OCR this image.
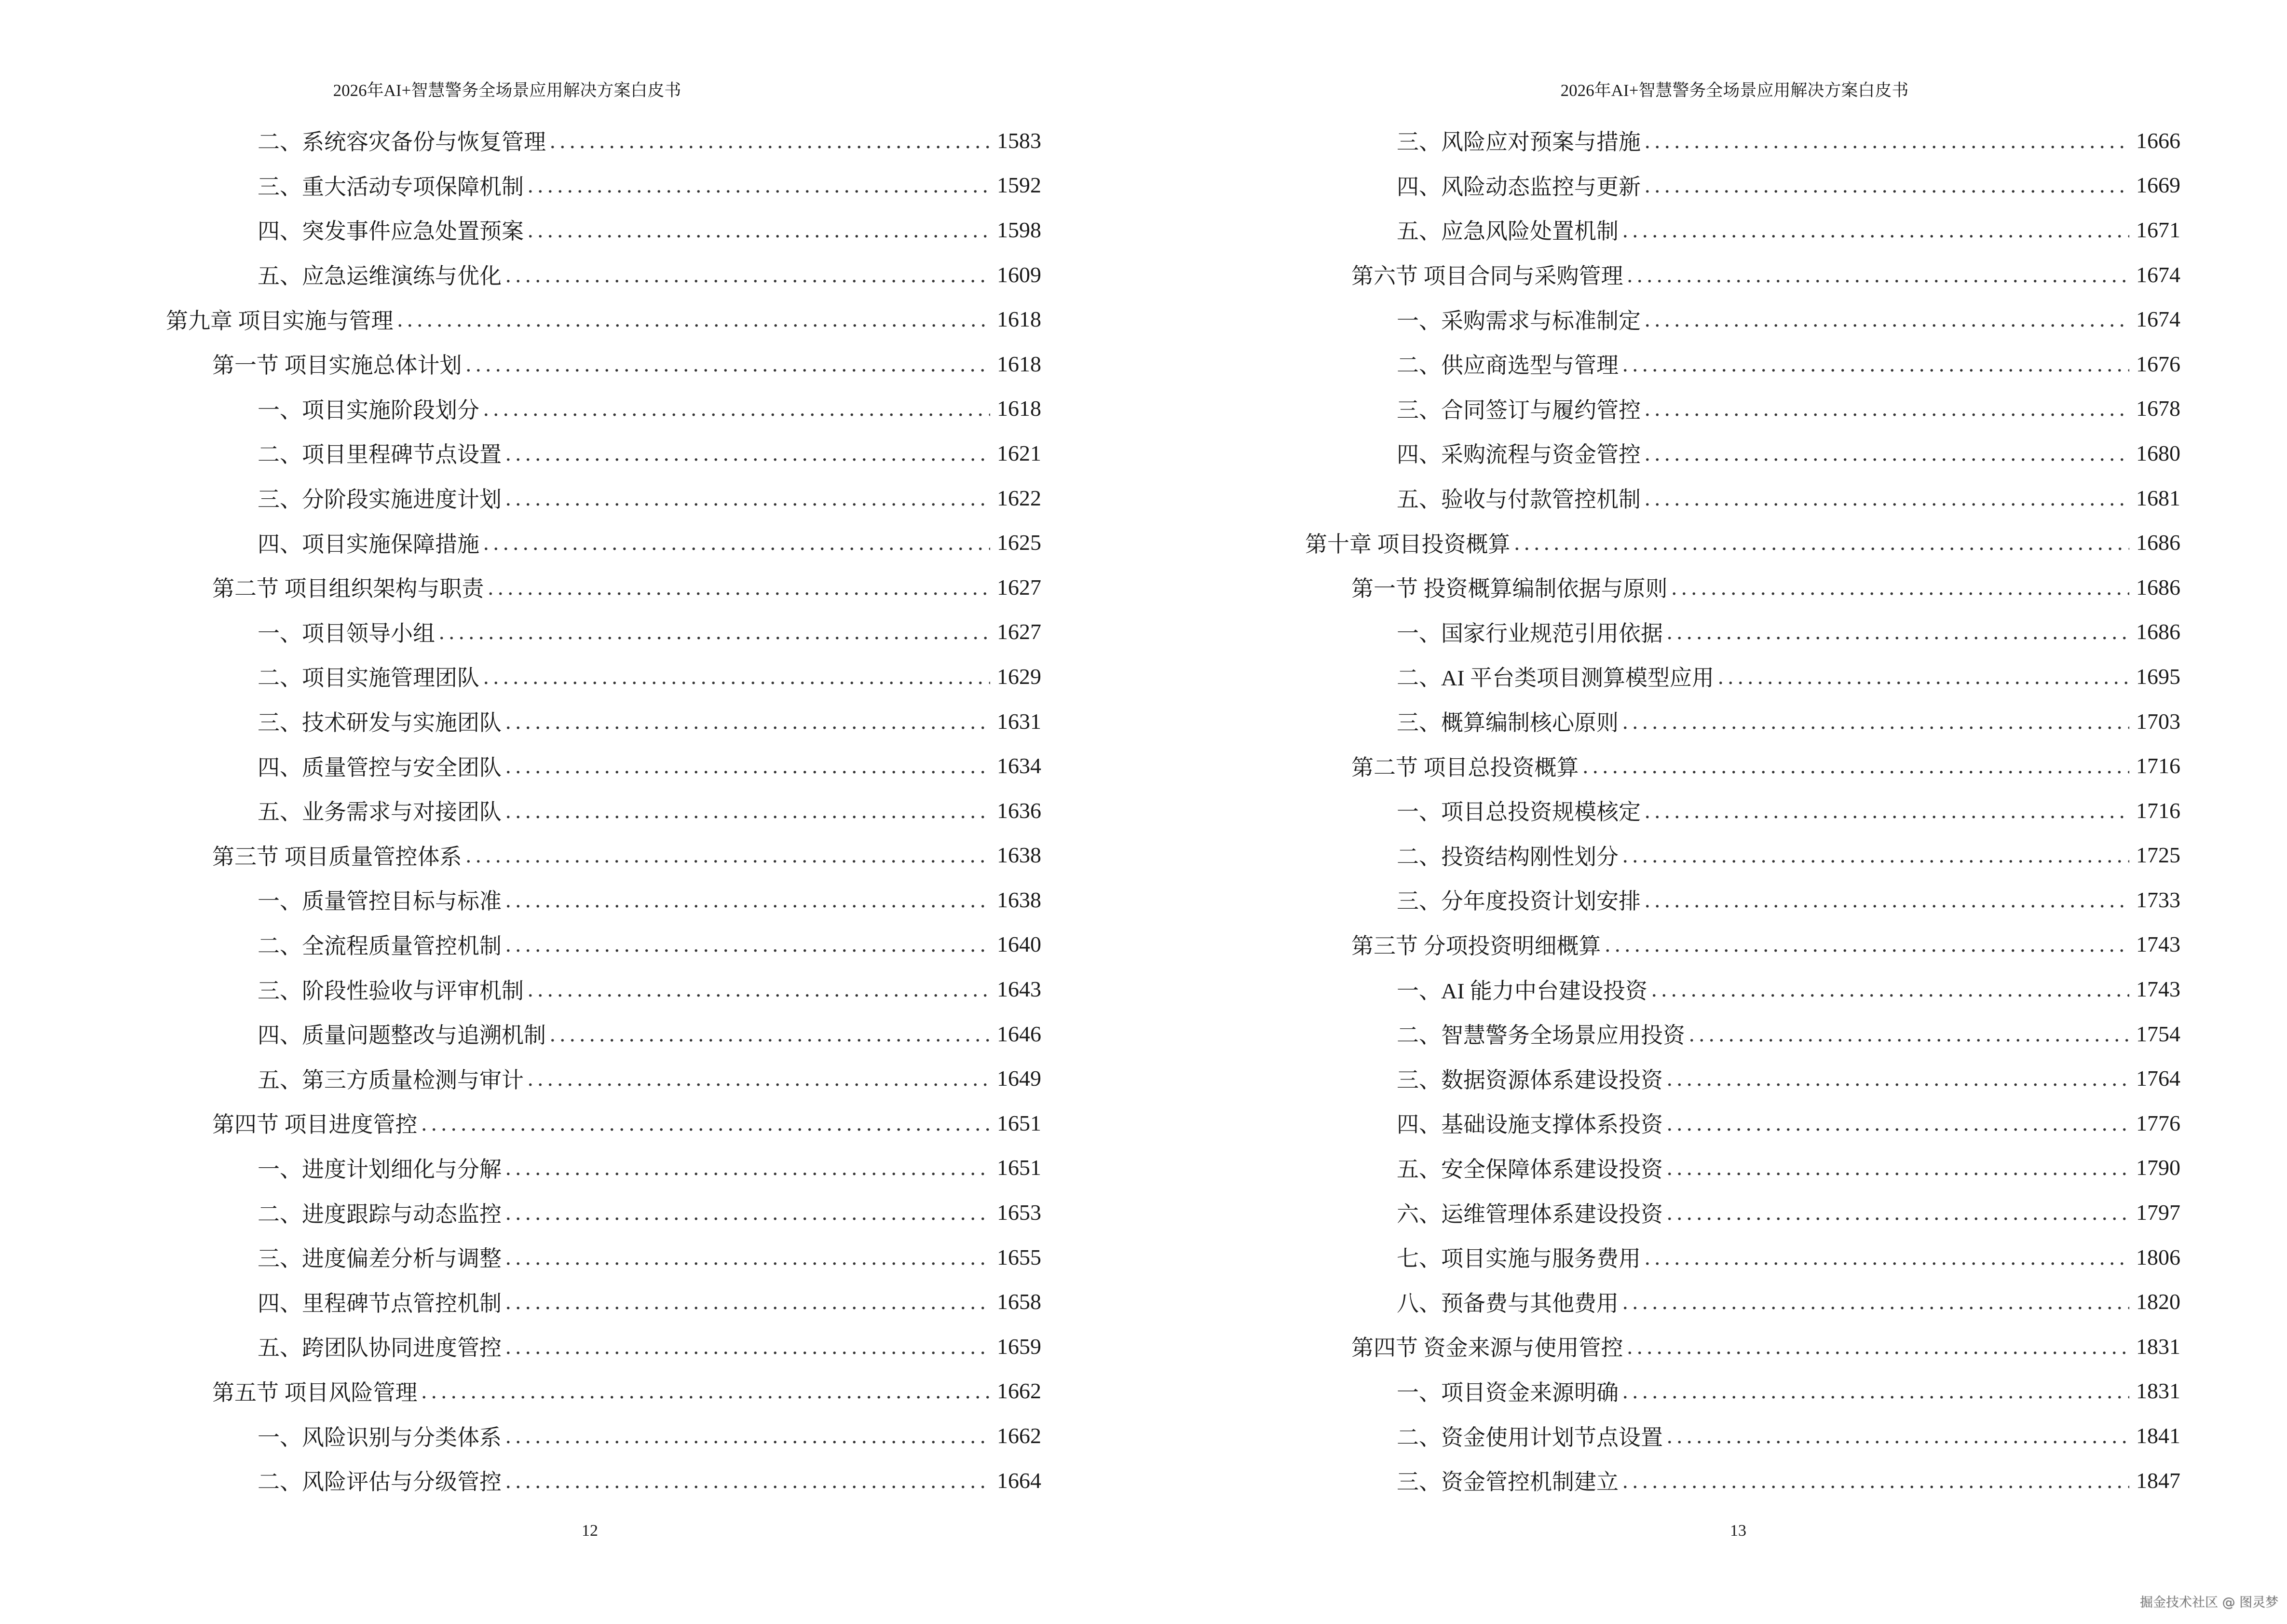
2026年AI+智慧警务全场景应用解决方案白皮书
二、系统容灾备份与恢复管理 .....	1583
三、重大活动专项保障机制 .....	1592
四、突发事件应急处置预案 .....	1598
五、应急运维演练与优化 .....	1609
第九章 项目实施与管理 .....	1618
第一节 项目实施总体计划 .....	1618
一、项目实施阶段划分 .....	1618
二、项目里程碑节点设置 .....	1621
三、分阶段实施进度计划 .....	1622
四、项目实施保障措施 .....	1625
第二节 项目组织架构与职责 .....	1627
一、项目领导小组 .....	1627
二、项目实施管理团队 .....	1629
三、技术研发与实施团队 .....	1631
四、质量管控与安全团队 .....	1634
五、业务需求与对接团队 .....	1636
第三节 项目质量管控体系 .....	1638
一、质量管控目标与标准 .....	1638
二、全流程质量管控机制 .....	1640
三、阶段性验收与评审机制 .....	1643
四、质量问题整改与追溯机制 .....	1646
五、第三方质量检测与审计 .....	1649
第四节 项目进度管控 .....	1651
一、进度计划细化与分解 .....	1651
二、进度跟踪与动态监控 .....	1653
三、进度偏差分析与调整 .....	1655
四、里程碑节点管控机制 .....	1658
五、跨团队协同进度管控 .....	1659
第五节 项目风险管理 .....	1662
一、风险识别与分类体系 .....	1662
二、风险评估与分级管控 .....	1664
12
2026年AI+智慧警务全场景应用解决方案白皮书
三、风险应对预案与措施 .....	1666
四、风险动态监控与更新 .....	1669
五、应急风险处置机制 .....	1671
第六节 项目合同与采购管理 .....	1674
一、采购需求与标准制定 .....	1674
二、供应商选型与管理 .....	1676
三、合同签订与履约管控 .....	1678
四、采购流程与资金管控 .....	1680
五、验收与付款管控机制 .....	1681
第十章 项目投资概算 .....	1686
第一节 投资概算编制依据与原则 .....	1686
一、国家行业规范引用依据 .....	1686
二、AI 平台类项目测算模型应用 .....	1695
三、概算编制核心原则 .....	1703
第二节 项目总投资概算 .....	1716
一、项目总投资规模核定 .....	1716
二、投资结构刚性划分 .....	1725
三、分年度投资计划安排 .....	1733
第三节 分项投资明细概算 .....	1743
一、AI 能力中台建设投资 .....	1743
二、智慧警务全场景应用投资 .....	1754
三、数据资源体系建设投资 .....	1764
四、基础设施支撑体系投资 .....	1776
五、安全保障体系建设投资 .....	1790
六、运维管理体系建设投资 .....	1797
七、项目实施与服务费用 .....	1806
八、预备费与其他费用 .....	1820
第四节 资金来源与使用管控 .....	1831
一、项目资金来源明确 .....	1831
二、资金使用计划节点设置 .....	1841
三、资金管控机制建立 .....	1847
13
掘金技术社区 @ 图灵梦
